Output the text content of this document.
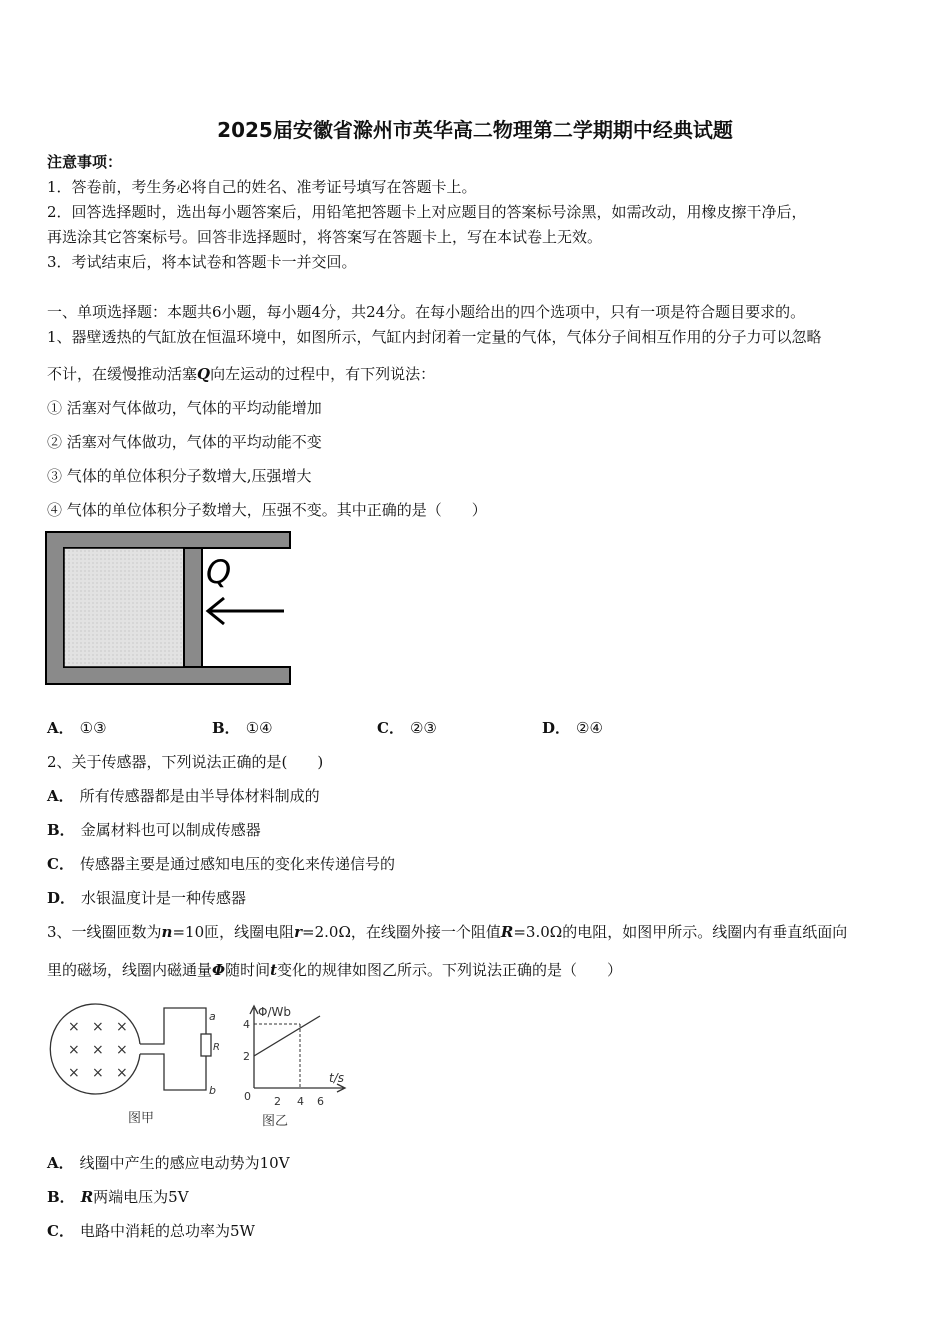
2025届安徽省滁州市英华高二物理第二学期期中经典试题
注意事项：
1．答卷前，考生务必将自己的姓名、准考证号填写在答题卡上。
2．回答选择题时，选出每小题答案后，用铅笔把答题卡上对应题目的答案标号涂黑，如需改动，用橡皮擦干净后，
再选涂其它答案标号。回答非选择题时，将答案写在答题卡上，写在本试卷上无效。
3．考试结束后，将本试卷和答题卡一并交回。
一、单项选择题：本题共6小题，每小题4分，共24分。在每小题给出的四个选项中，只有一项是符合题目要求的。
1、器壁透热的气缸放在恒温环境中，如图所示，气缸内封闭着一定量的气体，气体分子间相互作用的分子力可以忽略
不计，在缓慢推动活塞Q向左运动的过程中，有下列说法：
① 活塞对气体做功，气体的平均动能增加
② 活塞对气体做功，气体的平均动能不变
③ 气体的单位体积分子数增大,压强增大
④ 气体的单位体积分子数增大，压强不变。其中正确的是（　　）
Q
A． ①③	B． ①④	C． ②③	D． ②④
2、关于传感器，下列说法正确的是(　　)
A． 所有传感器都是由半导体材料制成的
B． 金属材料也可以制成传感器
C． 传感器主要是通过感知电压的变化来传递信号的
D． 水银温度计是一种传感器
3、一线圈匝数为n=10匝，线圈电阻r=2.0Ω，在线圈外接一个阻值R=3.0Ω的电阻，如图甲所示。线圈内有垂直纸面向
里的磁场，线圈内磁通量Φ随时间t变化的规律如图乙所示。下列说法正确的是（　　）
× × ×
× × ×
× × ×
a
b
R
图甲
Φ/Wb
t/s
2
4
0 2 4 6
图乙
A． 线圈中产生的感应电动势为10V
B． R两端电压为5V
C． 电路中消耗的总功率为5W
